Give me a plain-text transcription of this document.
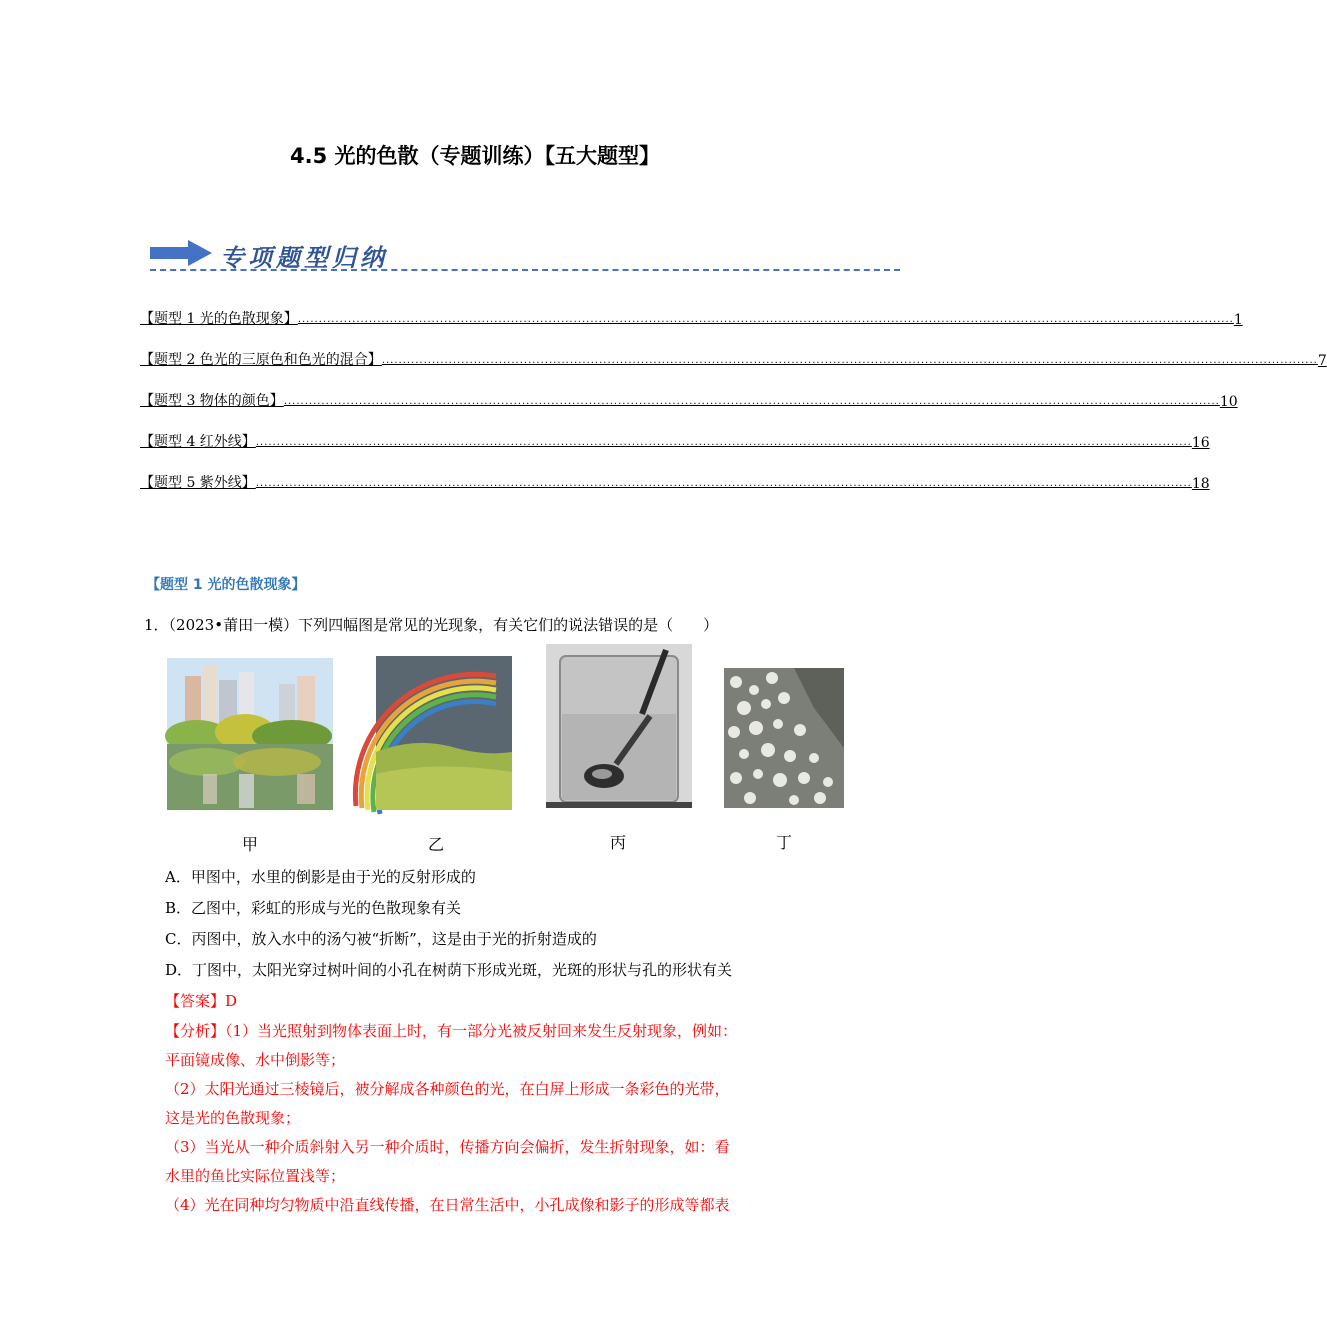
4.5 光的色散（专题训练）【五大题型】
专项题型归纳
【题型 1 光的色散现象】 ................................................................................................................................................................................................................................ 1
【题型 2 色光的三原色和色光的混合】 ................................................................................................................................................................................................................................ 7
【题型 3 物体的颜色】 ................................................................................................................................................................................................................................ 10
【题型 4 红外线】 ................................................................................................................................................................................................................................ 16
【题型 5 紫外线】 ................................................................................................................................................................................................................................ 18
【题型 1 光的色散现象】
1．（2023•莆田一模）下列四幅图是常见的光现象，有关它们的说法错误的是（　　）
甲	乙	丙	丁
A．甲图中，水里的倒影是由于光的反射形成的
B．乙图中，彩虹的形成与光的色散现象有关
C．丙图中，放入水中的汤勺被“折断”，这是由于光的折射造成的
D．丁图中，太阳光穿过树叶间的小孔在树荫下形成光斑，光斑的形状与孔的形状有关
【答案】D
【分析】（1）当光照射到物体表面上时，有一部分光被反射回来发生反射现象，例如：
平面镜成像、水中倒影等；
（2）太阳光通过三棱镜后，被分解成各种颜色的光，在白屏上形成一条彩色的光带，
这是光的色散现象；
（3）当光从一种介质斜射入另一种介质时，传播方向会偏折，发生折射现象，如：看
水里的鱼比实际位置浅等；
（4）光在同种均匀物质中沿直线传播，在日常生活中，小孔成像和影子的形成等都表
